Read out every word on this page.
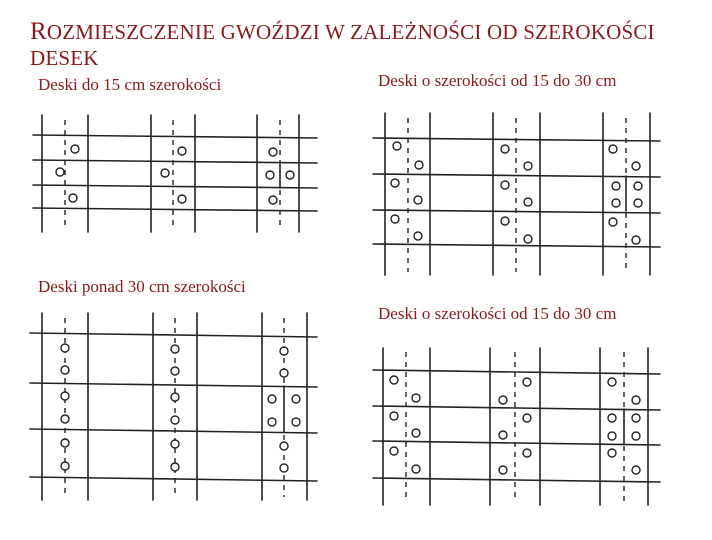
ROZMIESZCZENIE GWOŹDZI W ZALEŻNOŚCI OD SZEROKOŚCI DESEK
Deski do 15 cm szerokości	Deski o szerokości od 15 do 30 cm
Deski ponad 30 cm szerokości
Deski o szerokości od 15 do 30 cm
